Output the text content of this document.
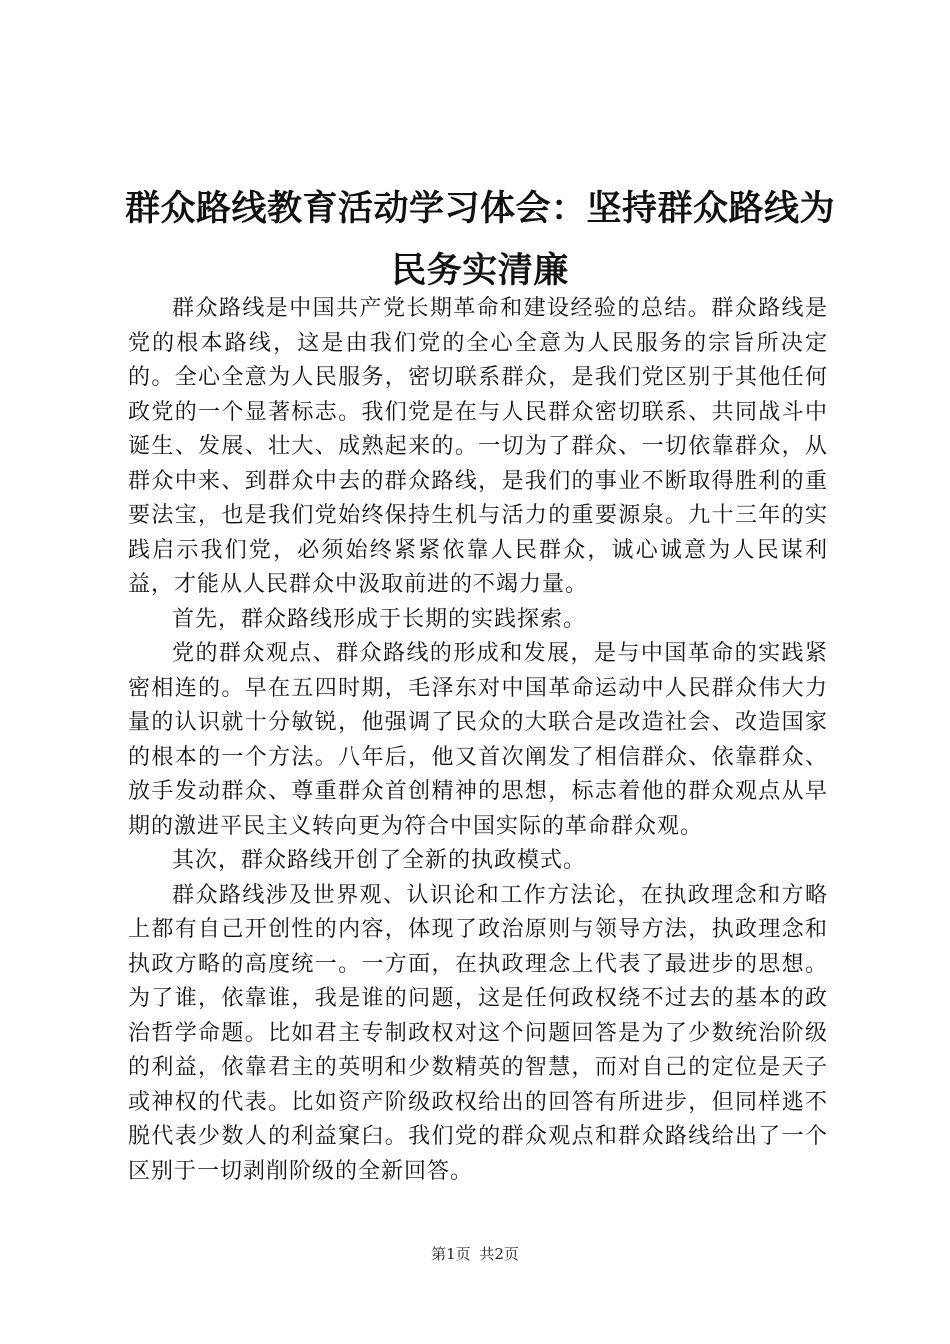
群众路线教育活动学习体会：坚持群众路线为民务实清廉

群众路线是中国共产党长期革命和建设经验的总结。群众路线是党的根本路线，这是由我们党的全心全意为人民服务的宗旨所决定的。全心全意为人民服务，密切联系群众，是我们党区别于其他任何政党的一个显著标志。我们党是在与人民群众密切联系、共同战斗中诞生、发展、壮大、成熟起来的。一切为了群众、一切依靠群众，从群众中来、到群众中去的群众路线，是我们的事业不断取得胜利的重要法宝，也是我们党始终保持生机与活力的重要源泉。九十三年的实践启示我们党，必须始终紧紧依靠人民群众，诚心诚意为人民谋利益，才能从人民群众中汲取前进的不竭力量。

首先，群众路线形成于长期的实践探索。

党的群众观点、群众路线的形成和发展，是与中国革命的实践紧密相连的。早在五四时期，毛泽东对中国革命运动中人民群众伟大力量的认识就十分敏锐，他强调了民众的大联合是改造社会、改造国家的根本的一个方法。八年后，他又首次阐发了相信群众、依靠群众、放手发动群众、尊重群众首创精神的思想，标志着他的群众观点从早期的激进平民主义转向更为符合中国实际的革命群众观。

其次，群众路线开创了全新的执政模式。

群众路线涉及世界观、认识论和工作方法论，在执政理念和方略上都有自己开创性的内容，体现了政治原则与领导方法，执政理念和执政方略的高度统一。一方面，在执政理念上代表了最进步的思想。为了谁，依靠谁，我是谁的问题，这是任何政权绕不过去的基本的政治哲学命题。比如君主专制政权对这个问题回答是为了少数统治阶级的利益，依靠君主的英明和少数精英的智慧，而对自己的定位是天子或神权的代表。比如资产阶级政权给出的回答有所进步，但同样逃不脱代表少数人的利益窠臼。我们党的群众观点和群众路线给出了一个区别于一切剥削阶级的全新回答。

第1页 共2页
